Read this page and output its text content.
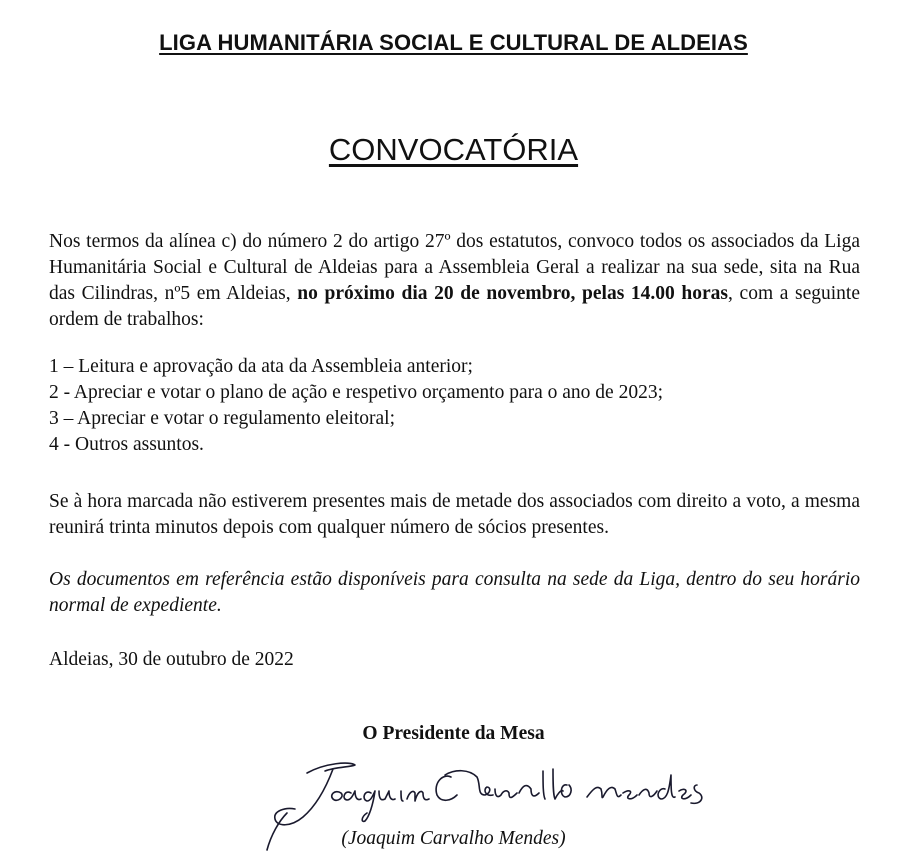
LIGA HUMANITÁRIA SOCIAL E CULTURAL DE ALDEIAS
CONVOCATÓRIA
Nos termos da alínea c) do número 2 do artigo 27º dos estatutos, convoco todos os associados da Liga Humanitária Social e Cultural de Aldeias para a Assembleia Geral a realizar na sua sede, sita na Rua das Cilindras, nº5 em Aldeias, no próximo dia 20 de novembro, pelas 14.00 horas, com a seguinte ordem de trabalhos:
1 – Leitura e aprovação da ata da Assembleia anterior;
2 - Apreciar e votar o plano de ação e respetivo orçamento para o ano de 2023;
3 – Apreciar e votar o regulamento eleitoral;
4 - Outros assuntos.
Se à hora marcada não estiverem presentes mais de metade dos associados com direito a voto, a mesma reunirá trinta minutos depois com qualquer número de sócios presentes.
Os documentos em referência estão disponíveis para consulta na sede da Liga, dentro do seu horário normal de expediente.
Aldeias, 30 de outubro de 2022
O Presidente da Mesa
(Joaquim Carvalho Mendes)
